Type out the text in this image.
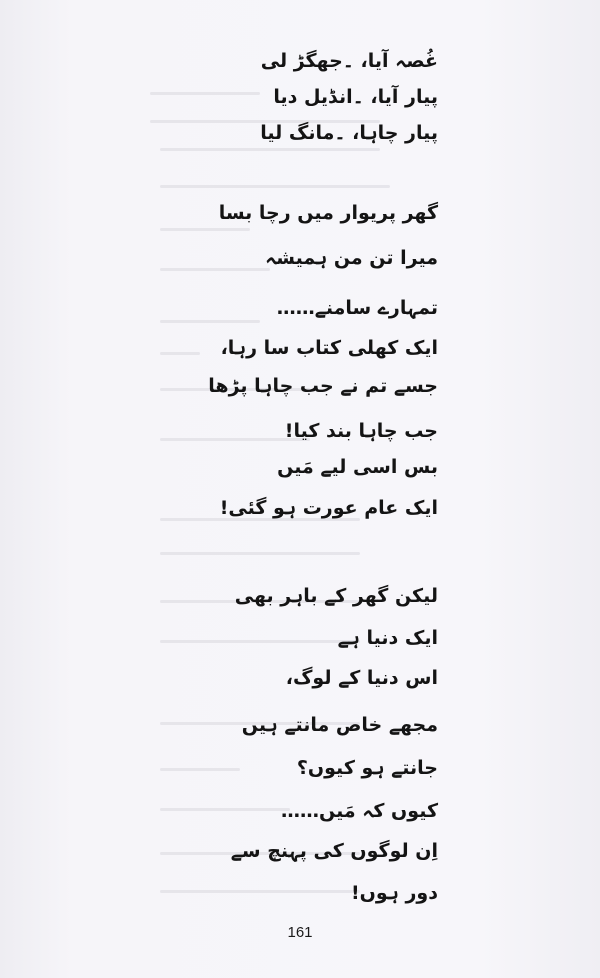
غُصہ آیا، ۔جھگڑ لی
پیار آیا، ۔انڈیل دیا
پیار چاہا، ۔مانگ لیا
گھر پریوار میں رچا بسا
میرا تن من ہمیشہ
تمہارے سامنے……
ایک کھلی کتاب سا رہا،
جسے تم نے جب چاہا پڑھا
جب چاہا بند کیا!
بس اسی لیے مَیں
ایک عام عورت ہو گئی!
لیکن گھر کے باہر بھی
ایک دنیا ہے
اس دنیا کے لوگ،
مجھے خاص مانتے ہیں
جانتے ہو کیوں؟
کیوں کہ مَیں……
اِن لوگوں کی پہنچ سے
دور ہوں!
161
